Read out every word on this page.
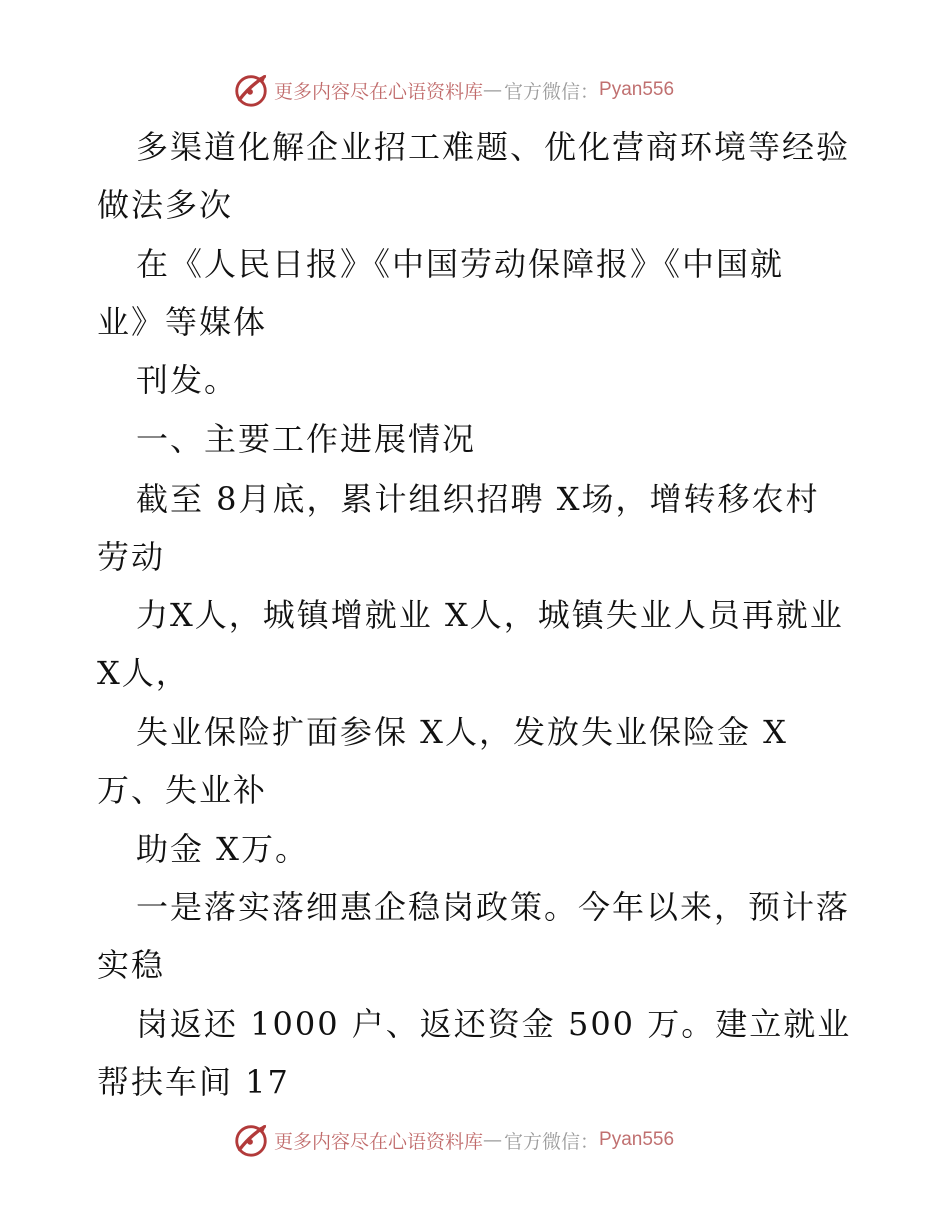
更多内容尽在心语资料库 — 官方微信： Pyan556
多渠道化解企业招工难题、优化营商环境等经验
做法多次
在《人民日报》《中国劳动保障报》《中国就
业》等媒体
刊发。
一、主要工作进展情况
截至 8月底，累计组织招聘 X场，增转移农村
劳动
力X人，城镇增就业 X人，城镇失业人员再就业
X人，
失业保险扩面参保 X人，发放失业保险金 X
万、失业补
助金 X万。
一是落实落细惠企稳岗政策。今年以来，预计落
实稳
岗返还 1000 户、返还资金 500 万。建立就业
帮扶车间 17
更多内容尽在心语资料库 — 官方微信： Pyan556
